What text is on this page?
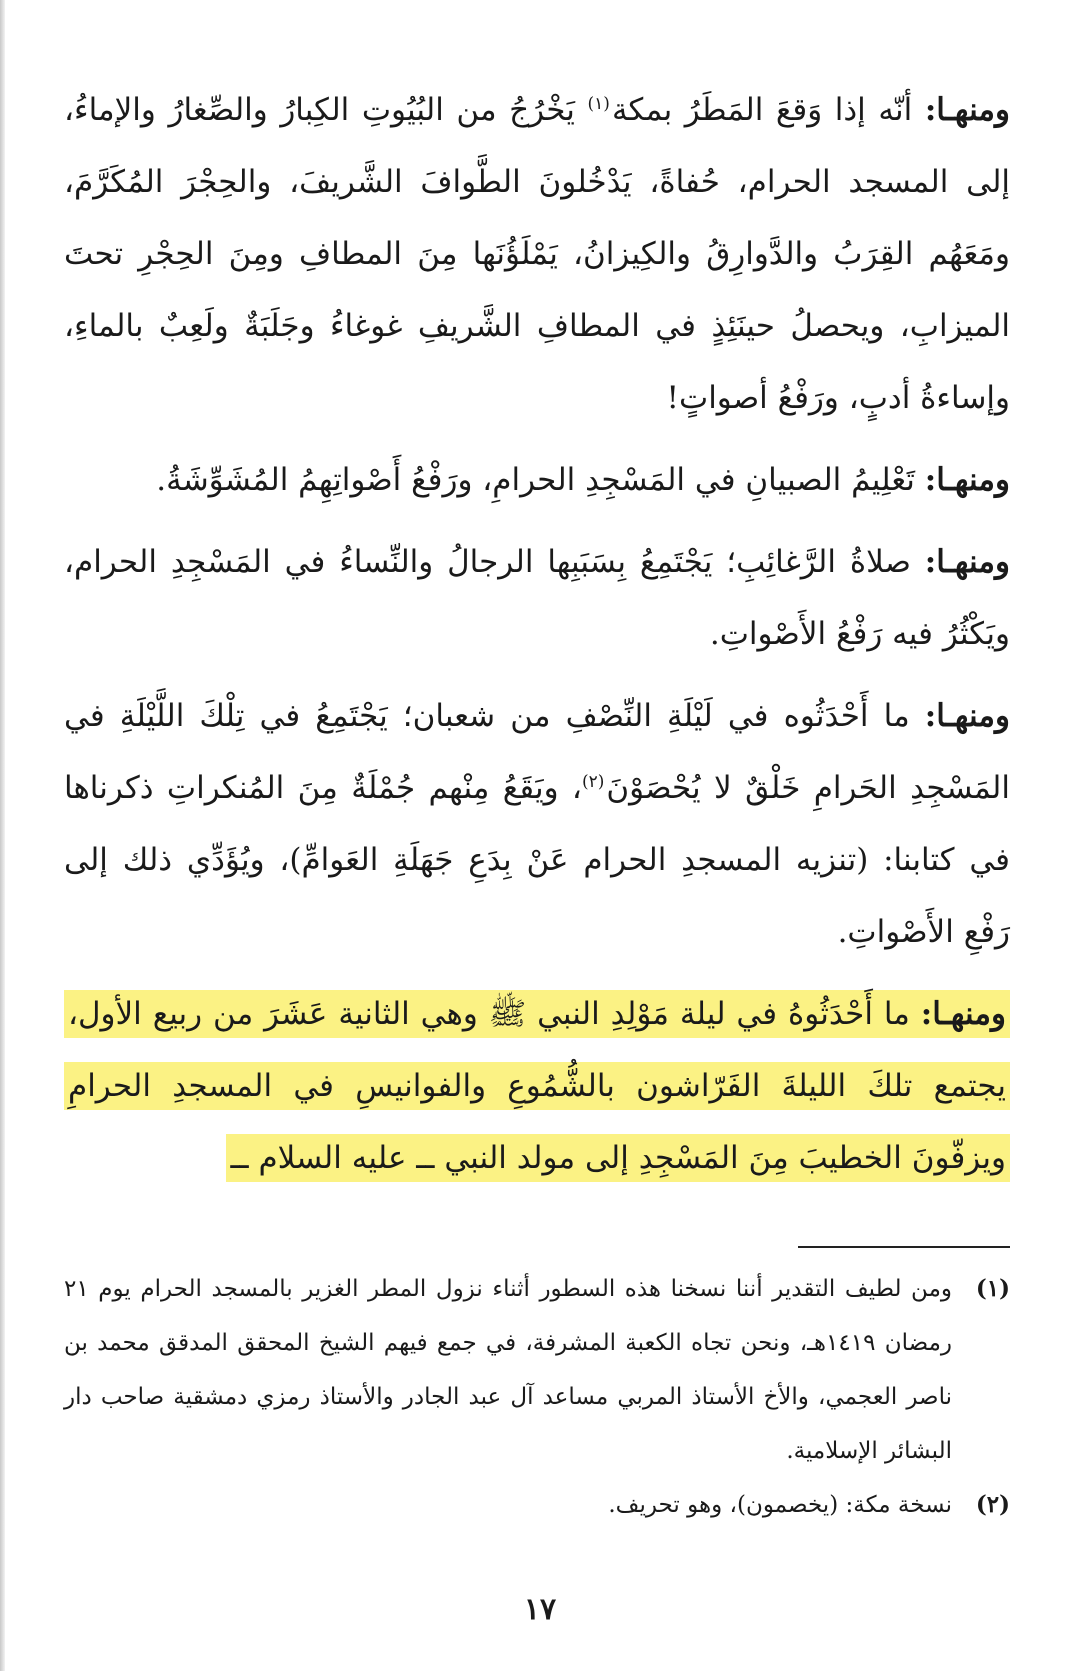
ومنهـا: أنّه إذا وَقعَ المَطَرُ بمكة$^{(١)}$ يَخْرُجُ من البُيُوتِ الكِبارُ والصِّغارُ والإماءُ، إلى المسجد الحرام، حُفاةً، يَدْخُلونَ الطَّوافَ الشَّريفَ، والحِجْرَ المُكَرَّمَ، ومَعَهُم القِرَبُ والدَّوارِقُ والكِيزانُ، يَمْلَؤُنَها مِنَ المطافِ ومِنَ الحِجْرِ تحتَ الميزابِ، ويحصلُ حينَئِذٍ في المطافِ الشَّريفِ غوغاءُ وجَلَبَةٌ ولَعِبٌ بالماءِ، وإساءةُ أدبٍ، ورَفْعُ أصواتٍ!

ومنهـا: تَعْلِيمُ الصبيانِ في المَسْجِدِ الحرامِ، ورَفْعُ أَصْواتِهِمُ المُشَوِّشَةُ.

ومنهـا: صلاةُ الرَّغائِبِ؛ يَجْتَمِعُ بِسَبَبِها الرجالُ والنِّساءُ في المَسْجِدِ الحرام، ويَكْثُرُ فيه رَفْعُ الأَصْواتِ.

ومنهـا: ما أَحْدَثُوه في لَيْلَةِ النِّصْفِ من شعبان؛ يَجْتَمِعُ في تِلْكَ اللَّيْلَةِ في المَسْجِدِ الحَرامِ خَلْقٌ لا يُحْصَوْنَ$^{(٢)}$، ويَقَعُ مِنْهم جُمْلَةٌ مِنَ المُنكراتِ ذكرناها في كتابنا: (تنزيه المسجدِ الحرام عَنْ بِدَعِ جَهَلَةِ العَوامِّ)، ويُؤَدِّي ذلك إلى رَفْعِ الأَصْواتِ.

ومنهـا: ما أَحْدَثُوهُ في ليلة مَوْلِدِ النبي ﷺ وهي الثانية عَشَرَ من ربيع الأول، يجتمع تلكَ الليلةَ الفَرّاشون بالشُّمُوعِ والفوانيسِ في المسجدِ الحرامِ ويزفّونَ الخطيبَ مِنَ المَسْجِدِ إلى مولد النبي ــ عليه السلام ــ

(١)
ومن لطيف التقدير أننا نسخنا هذه السطور أثناء نزول المطر الغزير بالمسجد الحرام يوم ٢١ رمضان ١٤١٩هـ، ونحن تجاه الكعبة المشرفة، في جمع فيهم الشيخ المحقق المدقق محمد بن ناصر العجمي، والأخ الأستاذ المربي مساعد آل عبد الجادر والأستاذ رمزي دمشقية صاحب دار البشائر الإسلامية.
(٢)
نسخة مكة: (يخصمون)، وهو تحريف.
١٧
